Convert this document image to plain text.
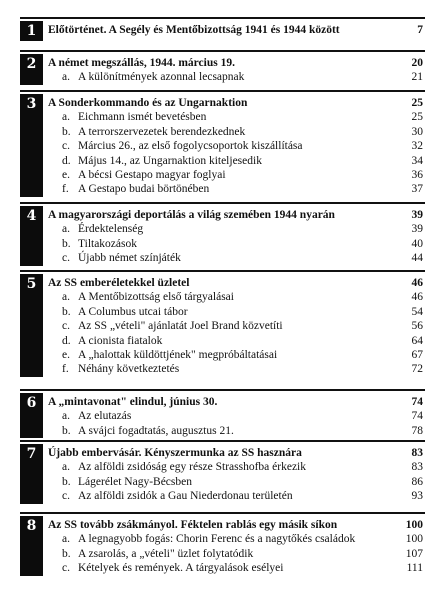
1	Előtörténet. A Segély és Mentőbizottság 1941 és 1944 között	7
2	A német megszállás, 1944. március 19.	20
a. A különítmények azonnal lecsapnak	21
3	A Sonderkommando és az Ungarnaktion	25
a. Eichmann ismét bevetésben	25
b. A terrorszervezetek berendezkednek	30
c. Március 26., az első fogolycsoportok kiszállítása	32
d. Május 14., az Ungarnaktion kiteljesedik	34
e. A bécsi Gestapo magyar foglyai	36
f. A Gestapo budai börtönében	37
4	A magyarországi deportálás a világ szemében 1944 nyarán	39
a. Érdektelenség	39
b. Tiltakozások	40
c. Újabb német színjáték	44
5	Az SS emberéletekkel üzletel	46
a. A Mentőbizottság első tárgyalásai	46
b. A Columbus utcai tábor	54
c. Az SS „vételi" ajánlatát Joel Brand közvetíti	56
d. A cionista fiatalok	64
e. A „halottak küldöttjének" megpróbáltatásai	67
f. Néhány következtetés	72
6	A „mintavonat" elindul, június 30.	74
a. Az elutazás	74
b. A svájci fogadtatás, augusztus 21.	78
7	Újabb embervásár. Kényszermunka az SS hasznára	83
a. Az alföldi zsidóság egy része Strasshofba érkezik	83
b. Lágerélet Nagy-Bécsben	86
c. Az alföldi zsidók a Gau Niederdonau területén	93
8	Az SS tovább zsákmányol. Féktelen rablás egy másik síkon	100
a. A legnagyobb fogás: Chorin Ferenc és a nagytőkés családok	100
b. A zsarolás, a „vételi" üzlet folytatódik	107
c. Kételyek és remények. A tárgyalások esélyei	111
